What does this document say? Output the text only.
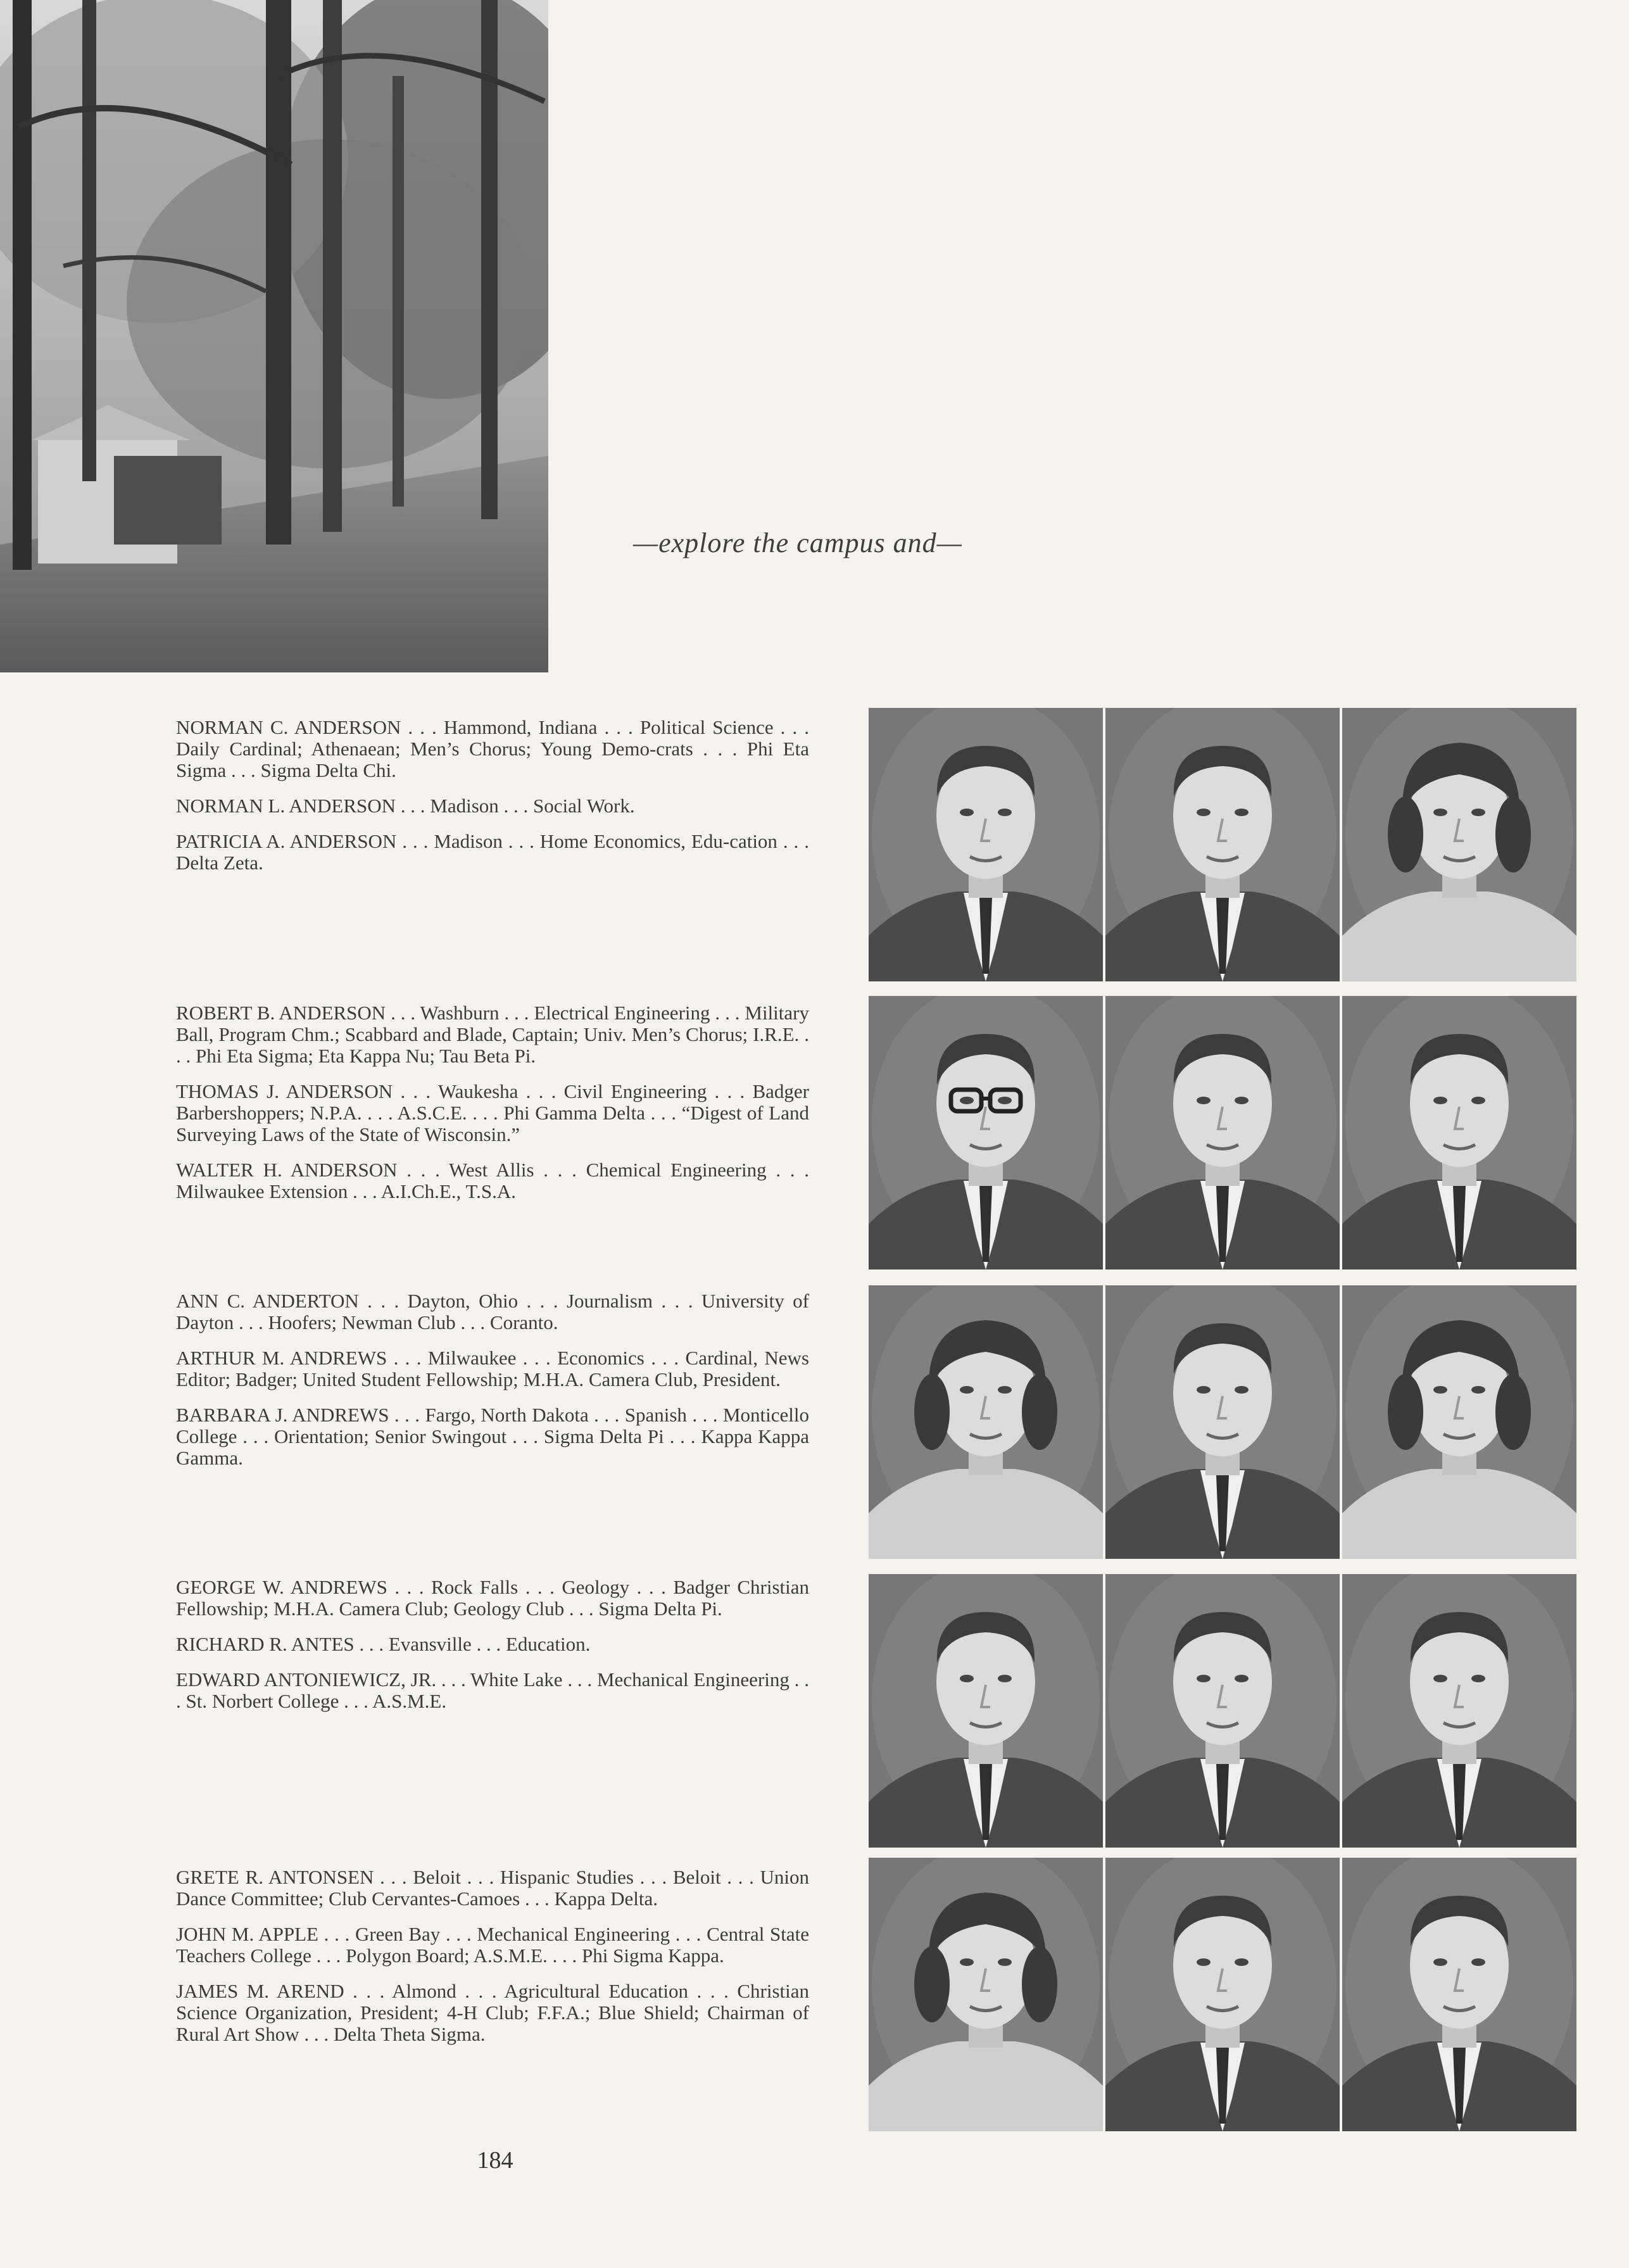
—explore the campus and—

NORMAN C. ANDERSON . . . Hammond, Indiana . . . Political Science . . . Daily Cardinal; Athenaean; Men’s Chorus; Young Demo-crats . . . Phi Eta Sigma . . . Sigma Delta Chi.

NORMAN L. ANDERSON . . . Madison . . . Social Work.

PATRICIA A. ANDERSON . . . Madison . . . Home Economics, Edu-cation . . . Delta Zeta.

ROBERT B. ANDERSON . . . Washburn . . . Electrical Engineering . . . Military Ball, Program Chm.; Scabbard and Blade, Captain; Univ. Men’s Chorus; I.R.E. . . . Phi Eta Sigma; Eta Kappa Nu; Tau Beta Pi.

THOMAS J. ANDERSON . . . Waukesha . . . Civil Engineering . . . Badger Barbershoppers; N.P.A. . . . A.S.C.E. . . . Phi Gamma Delta . . . “Digest of Land Surveying Laws of the State of Wisconsin.”

WALTER H. ANDERSON . . . West Allis . . . Chemical Engineering . . . Milwaukee Extension . . . A.I.Ch.E., T.S.A.

ANN C. ANDERTON . . . Dayton, Ohio . . . Journalism . . . University of Dayton . . . Hoofers; Newman Club . . . Coranto.

ARTHUR M. ANDREWS . . . Milwaukee . . . Economics . . . Cardinal, News Editor; Badger; United Student Fellowship; M.H.A. Camera Club, President.

BARBARA J. ANDREWS . . . Fargo, North Dakota . . . Spanish . . . Monticello College . . . Orientation; Senior Swingout . . . Sigma Delta Pi . . . Kappa Kappa Gamma.

GEORGE W. ANDREWS . . . Rock Falls . . . Geology . . . Badger Christian Fellowship; M.H.A. Camera Club; Geology Club . . . Sigma Delta Pi.

RICHARD R. ANTES . . . Evansville . . . Education.

EDWARD ANTONIEWICZ, JR. . . . White Lake . . . Mechanical Engineering . . . St. Norbert College . . . A.S.M.E.

GRETE R. ANTONSEN . . . Beloit . . . Hispanic Studies . . . Beloit . . . Union Dance Committee; Club Cervantes-Camoes . . . Kappa Delta.

JOHN M. APPLE . . . Green Bay . . . Mechanical Engineering . . . Central State Teachers College . . . Polygon Board; A.S.M.E. . . . Phi Sigma Kappa.

JAMES M. AREND . . . Almond . . . Agricultural Education . . . Christian Science Organization, President; 4-H Club; F.F.A.; Blue Shield; Chairman of Rural Art Show . . . Delta Theta Sigma.

184
